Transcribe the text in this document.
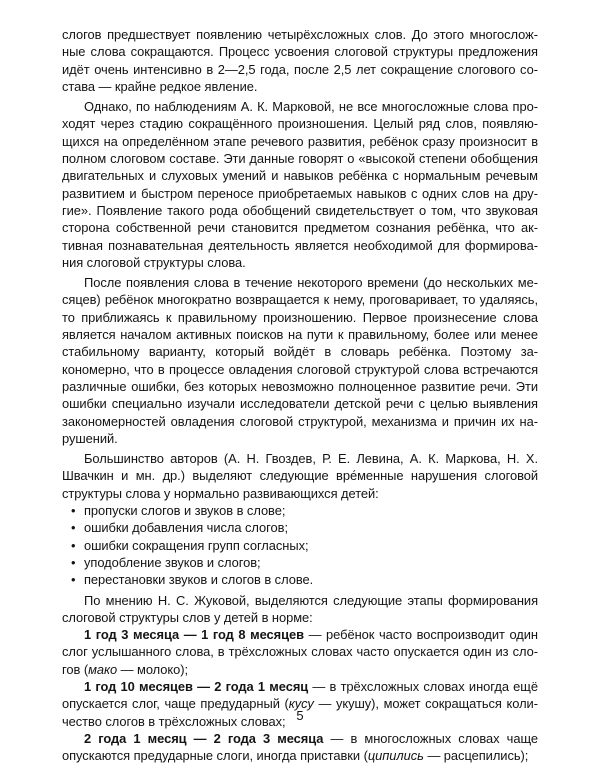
слогов предшествует появлению четырёхсложных слов. До этого многосложные слова сокращаются. Процесс усвоения слоговой структуры предложения идёт очень интенсивно в 2—2,5 года, после 2,5 лет сокращение слогового состава — крайне редкое явление.

Однако, по наблюдениям А. К. Марковой, не все многосложные слова проходят через стадию сокращённого произношения. Целый ряд слов, появляющихся на определённом этапе речевого развития, ребёнок сразу произносит в полном слоговом составе. Эти данные говорят о «высокой степени обобщения двигательных и слуховых умений и навыков ребёнка с нормальным речевым развитием и быстром переносе приобретаемых навыков с одних слов на другие». Появление такого рода обобщений свидетельствует о том, что звуковая сторона собственной речи становится предметом сознания ребёнка, что активная познавательная деятельность является необходимой для формирования слоговой структуры слова.

После появления слова в течение некоторого времени (до нескольких месяцев) ребёнок многократно возвращается к нему, проговаривает, то удаляясь, то приближаясь к правильному произношению. Первое произнесение слова является началом активных поисков на пути к правильному, более или менее стабильному варианту, который войдёт в словарь ребёнка. Поэтому закономерно, что в процессе овладения слоговой структурой слова встречаются различные ошибки, без которых невозможно полноценное развитие речи. Эти ошибки специально изучали исследователи детской речи с целью выявления закономерностей овладения слоговой структурой, механизма и причин их нарушений.

Большинство авторов (А. Н. Гвоздев, Р. Е. Левина, А. К. Маркова, Н. Х. Швачкин и мн. др.) выделяют следующие вре́менные нарушения слоговой структуры слова у нормально развивающихся детей:

• пропуски слогов и звуков в слове;
• ошибки добавления числа слогов;
• ошибки сокращения групп согласных;
• уподобление звуков и слогов;
• перестановки звуков и слогов в слове.

По мнению Н. С. Жуковой, выделяются следующие этапы формирования слоговой структуры слов у детей в норме:

1 год 3 месяца — 1 год 8 месяцев — ребёнок часто воспроизводит один слог услышанного слова, в трёхсложных словах часто опускается один из слогов (мако — молоко);

1 год 10 месяцев — 2 года 1 месяц — в трёхсложных словах иногда ещё опускается слог, чаще предударный (кусу — укушу), может сокращаться количество слогов в трёхсложных словах;

2 года 1 месяц — 2 года 3 месяца — в многосложных словах чаще опускаются предударные слоги, иногда приставки (ципились — расцепились);

5
